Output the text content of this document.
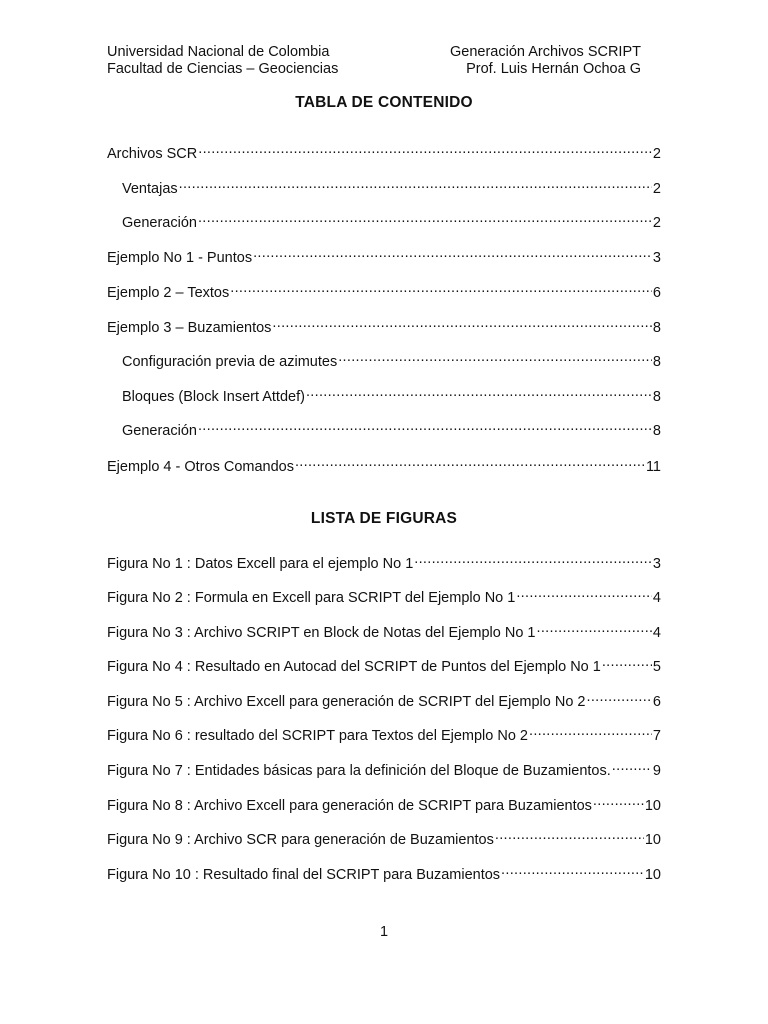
Universidad Nacional de Colombia	Generación Archivos SCRIPT
Facultad de Ciencias – Geociencias	Prof. Luis Hernán Ochoa G
TABLA DE CONTENIDO
Archivos SCR .....	2
Ventajas .....	2
Generación .....	2
Ejemplo No 1 - Puntos .....	3
Ejemplo 2 – Textos .....	6
Ejemplo 3 – Buzamientos .....	8
Configuración previa de azimutes .....	8
Bloques (Block Insert Attdef) .....	8
Generación .....	8
Ejemplo 4 - Otros Comandos .....	11
LISTA DE FIGURAS
Figura No 1 : Datos Excell para el ejemplo No 1 .....	3
Figura No 2 : Formula en Excell para SCRIPT del Ejemplo No 1 .....	4
Figura No 3 : Archivo SCRIPT en Block de Notas del Ejemplo No 1 .....	4
Figura No 4 : Resultado en Autocad del SCRIPT de Puntos del Ejemplo No 1 .....	5
Figura No 5 : Archivo Excell para generación de SCRIPT del Ejemplo No 2 .....	6
Figura No 6 : resultado del SCRIPT para Textos del Ejemplo No 2 .....	7
Figura No 7 : Entidades básicas para la definición del Bloque de Buzamientos. .....	9
Figura No 8 : Archivo Excell para generación de SCRIPT para Buzamientos .....	10
Figura No 9 : Archivo SCR para generación de Buzamientos .....	10
Figura No 10 : Resultado final del SCRIPT para Buzamientos .....	10
1
